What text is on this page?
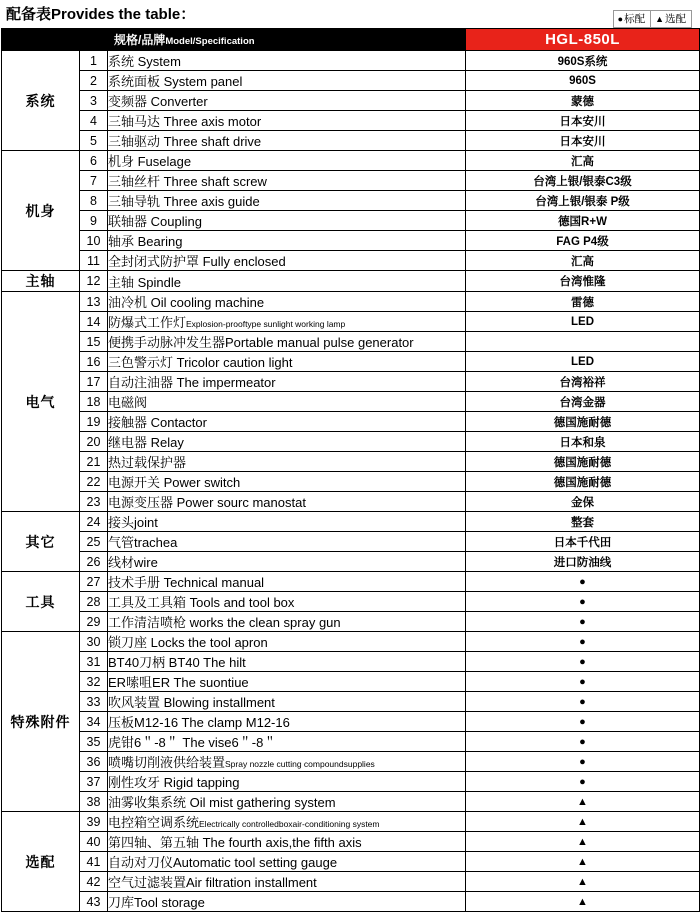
配备表Provides the table：	● 标配 ▲ 选配
		规格/品牌Model/Specification	HGL-850L
系统	1	系统 System	960S系统
	2	系统面板 System panel	960S
	3	变频器 Converter	蒙德
	4	三轴马达 Three axis motor	日本安川
	5	三轴驱动 Three shaft drive	日本安川
机身	6	机身 Fuselage	汇高
	7	三轴丝杆 Three shaft screw	台湾上银/银泰C3级
	8	三轴导轨 Three axis guide	台湾上银/银泰 P级
	9	联轴器 Coupling	德国R+W
	10	轴承 Bearing	FAG P4级
	11	全封闭式防护罩 Fully enclosed	汇高
主轴	12	主轴 Spindle	台湾惟隆
电气	13	油冷机 Oil cooling machine	雷德
	14	防爆式工作灯Explosion-prooftype sunlight working lamp	LED
	15	便携手动脉冲发生器Portable manual pulse generator	
	16	三色警示灯 Tricolor caution light	LED
	17	自动注油器 The impermeator	台湾裕祥
	18	电磁阀	台湾金器
	19	接触器 Contactor	德国施耐德
	20	继电器 Relay	日本和泉
	21	热过载保护器	德国施耐德
	22	电源开关 Power switch	德国施耐德
	23	电源变压器 Power sourc manostat	金保
其它	24	接头joint	整套
	25	气管trachea	日本千代田
	26	线材wire	进口防油线
工具	27	技术手册 Technical manual	●
	28	工具及工具箱 Tools and tool box	●
	29	工作清洁喷枪 works the clean spray gun	●
特殊附件	30	锁刀座 Locks the tool apron	●
	31	BT40刀柄 BT40 The hilt	●
	32	ER嗦咀ER The suontiue	●
	33	吹风装置 Blowing installment	●
	34	压板M12-16 The clamp M12-16	●
	35	虎钳6＂-8＂ The vise6＂-8＂	●
	36	喷嘴切削液供给装置Spray nozzle cutting compoundsupplies	●
	37	刚性攻牙 Rigid tapping	●
	38	油雾收集系统 Oil mist gathering system	▲
选配	39	电控箱空调系统Electrically controlledboxair-conditioning system	▲
	40	第四轴、第五轴 The fourth axis,the fifth axis	▲
	41	自动对刀仪Automatic tool setting gauge	▲
	42	空气过滤装置Air filtration installment	▲
	43	刀库Tool storage	▲
